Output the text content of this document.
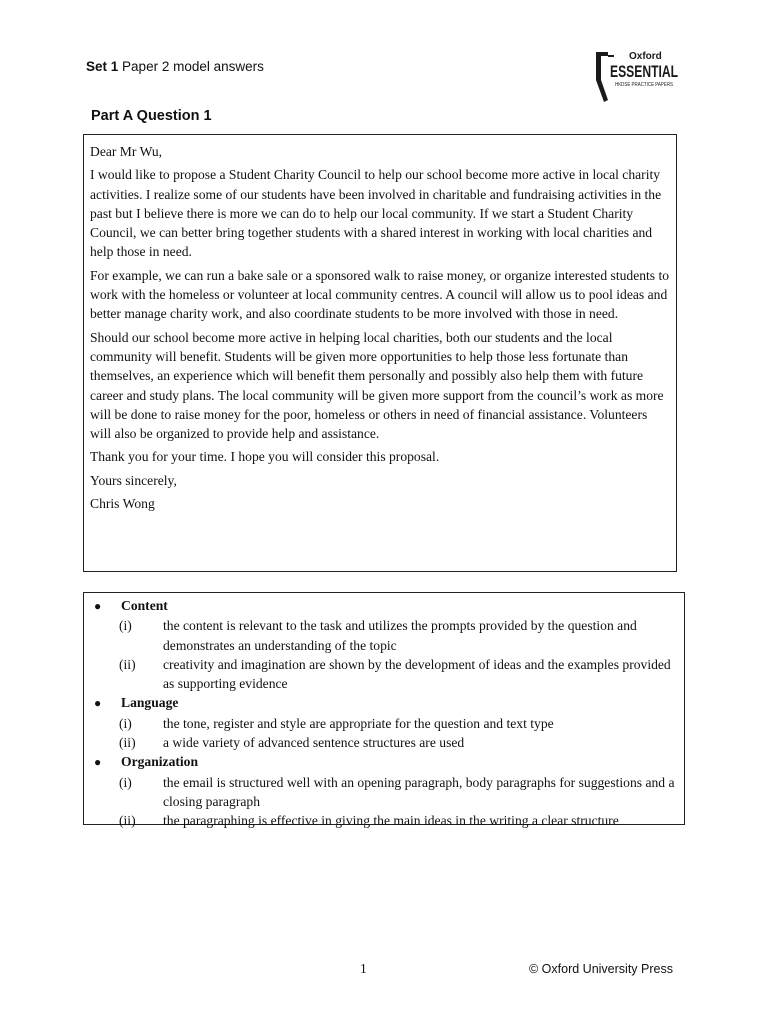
Set 1 Paper 2 model answers
Oxford
ESSENTIAL
HKDSE PRACTICE PAPERS
Part A Question 1

Dear Mr Wu,

I would like to propose a Student Charity Council to help our school become more active in local charity activities. I realize some of our students have been involved in charitable and fundraising activities in the past but I believe there is more we can do to help our local community. If we start a Student Charity Council, we can better bring together students with a shared interest in working with local charities and help those in need.

For example, we can run a bake sale or a sponsored walk to raise money, or organize interested students to work with the homeless or volunteer at local community centres. A council will allow us to pool ideas and better manage charity work, and also coordinate students to be more involved with those in need.

Should our school become more active in helping local charities, both our students and the local community will benefit. Students will be given more opportunities to help those less fortunate than themselves, an experience which will benefit them personally and possibly also help them with future career and study plans. The local community will be given more support from the council’s work as more will be done to raise money for the poor, homeless or others in need of financial assistance. Volunteers will also be organized to provide help and assistance.

Thank you for your time. I hope you will consider this proposal.

Yours sincerely,

Chris Wong

●	Content
(i)	the content is relevant to the task and utilizes the prompts provided by the question and demonstrates an understanding of the topic
(ii)	creativity and imagination are shown by the development of ideas and the examples provided as supporting evidence
●	Language
(i)	the tone, register and style are appropriate for the question and text type
(ii)	a wide variety of advanced sentence structures are used
●	Organization
(i)	the email is structured well with an opening paragraph, body paragraphs for suggestions and a closing paragraph
(ii)	the paragraphing is effective in giving the main ideas in the writing a clear structure
1	© Oxford University Press
